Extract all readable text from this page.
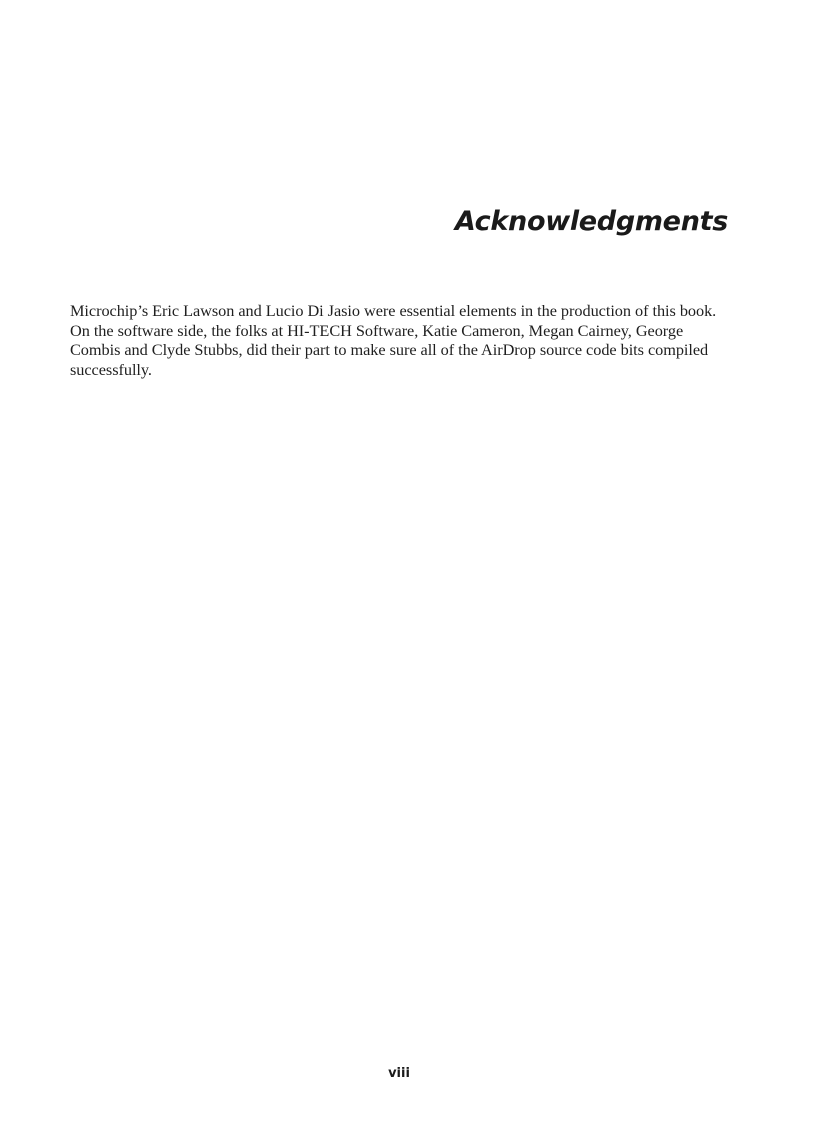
Acknowledgments

Microchip’s Eric Lawson and Lucio Di Jasio were essential elements in the production of this book. On the software side, the folks at HI-TECH Software, Katie Cameron, Megan Cairney, George Combis and Clyde Stubbs, did their part to make sure all of the AirDrop source code bits compiled successfully.

viii
